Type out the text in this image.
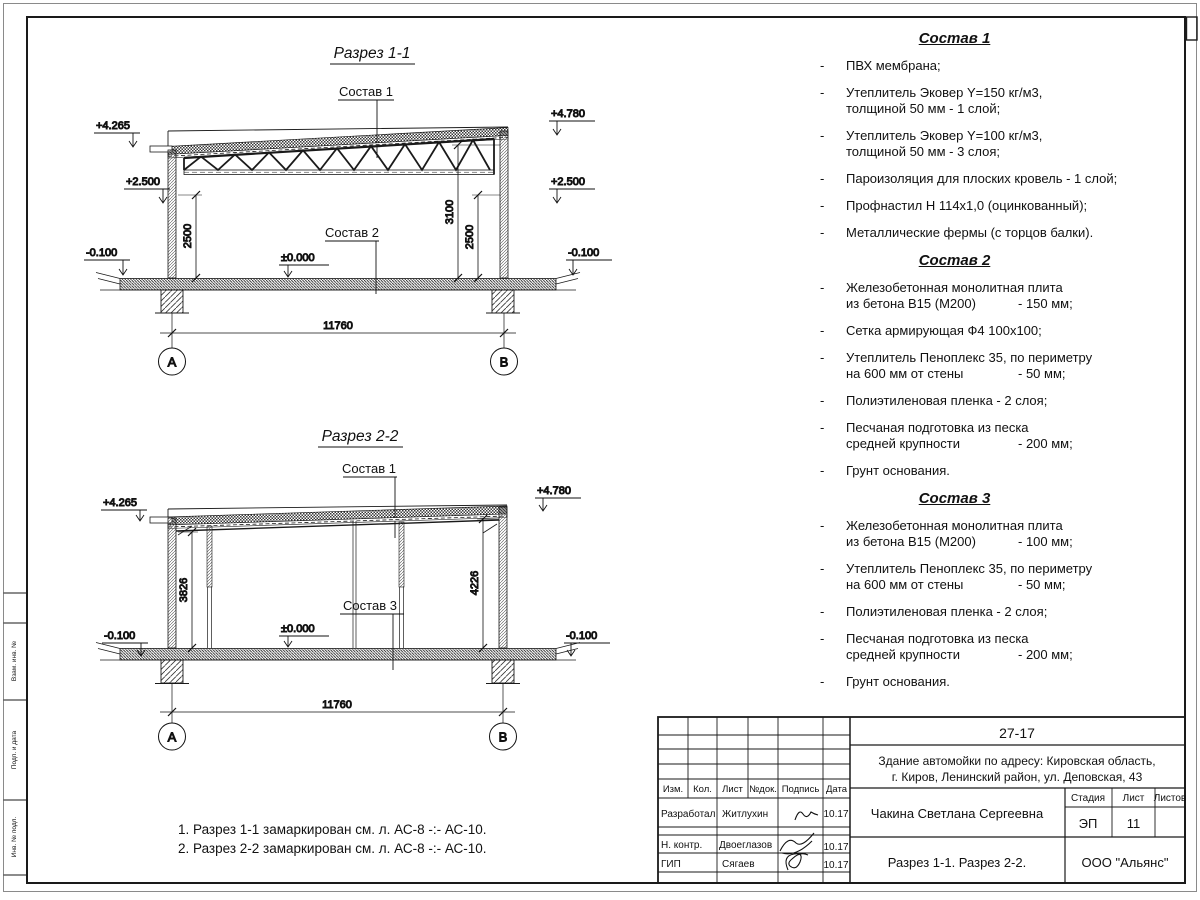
Взам. инв. №
Подп. и дата
Инв. № подл.
Разрез 1-1
Состав 1
Состав 2
+4.265
+2.500
-0.100	±0.000
+4.780
+2.500
-0.100
2500
3100
2500
11760
А	В
Разрез 2-2
Состав 1
Состав 3
+4.265
+4.780
±0.000
-0.100	-0.100
3826	4226
11760
А	В	27-17
Здание автомойки по адресу: Кировская область,
г. Киров, Ленинский район, ул. Деповская, 43
Изм. Кол. Лист №док. Подпись Дата
Разработал Житлухин	10.17
Н. контр. Двоеглазов	10.17
ГИП	Сягаев	10.17
Чакина Светлана Сергеевна
Стадия Лист Листов
ЭП 11
Разрез 1-1. Разрез 2-2.	ООО "Альянс"
Состав 1
-	ПВХ мембрана;
-	Утеплитель Эковер Y=150 кг/м3,
толщиной 50 мм - 1 слой;
-	Утеплитель Эковер Y=100 кг/м3,
толщиной 50 мм - 3 слоя;
-	Пароизоляция для плоских кровель - 1 слой;
-	Профнастил Н 114х1,0 (оцинкованный);
-	Металлические фермы (с торцов балки).
Состав 2
-	Железобетонная монолитная плита
из бетона В15 (М200)	- 150 мм;
-	Сетка армирующая Ф4 100х100;
-	Утеплитель Пеноплекс 35, по периметру
на 600 мм от стены	- 50 мм;
-	Полиэтиленовая пленка - 2 слоя;
-	Песчаная подготовка из песка
средней крупности	- 200 мм;
-	Грунт основания.
Состав 3
-	Железобетонная монолитная плита
из бетона В15 (М200)	- 100 мм;
-	Утеплитель Пеноплекс 35, по периметру
на 600 мм от стены	- 50 мм;
-	Полиэтиленовая пленка - 2 слоя;
-	Песчаная подготовка из песка
средней крупности	- 200 мм;
-	Грунт основания.
1. Разрез 1-1 замаркирован см. л. АС-8 -:- АС-10.
2. Разрез 2-2 замаркирован см. л. АС-8 -:- АС-10.
